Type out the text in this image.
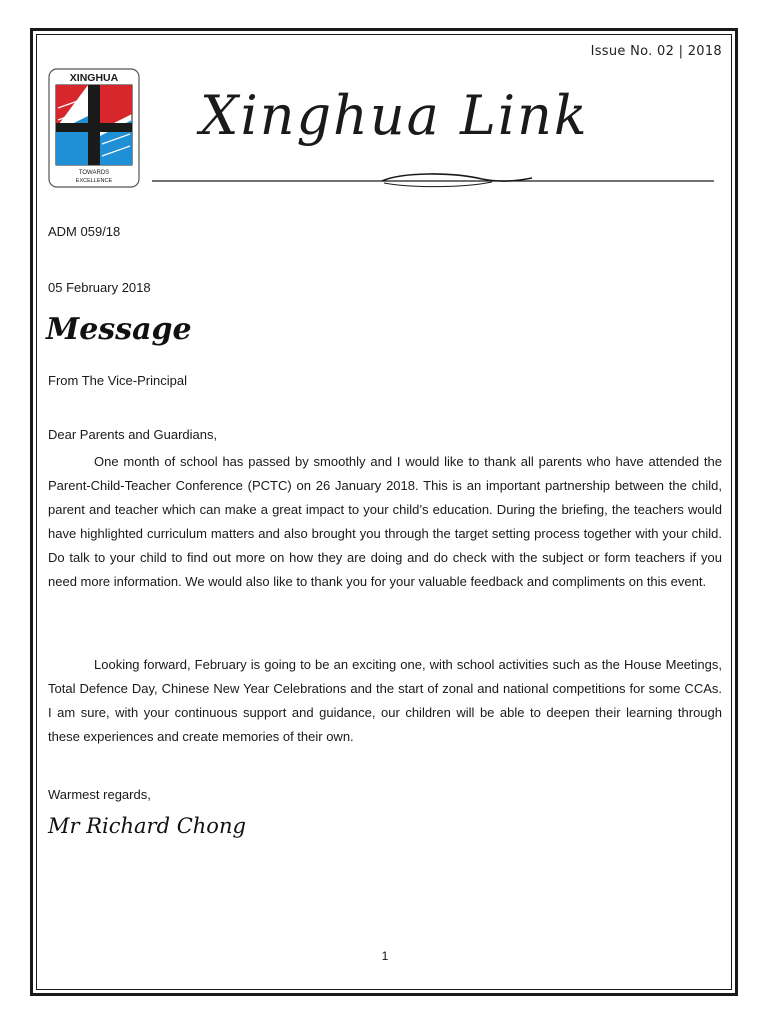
Issue No. 02 | 2018
XINGHUA
TOWARDS
EXCELLENCE
Xinghua Link
ADM 059/18
05 February 2018
Message
From The Vice-Principal
Dear Parents and Guardians,
One month of school has passed by smoothly and I would like to thank all parents who have attended the Parent-Child-Teacher Conference (PCTC) on 26 January 2018. This is an important partnership between the child, parent and teacher which can make a great impact to your child’s education. During the briefing, the teachers would have highlighted curriculum matters and also brought you through the target setting process together with your child. Do talk to your child to find out more on how they are doing and do check with the subject or form teachers if you need more information. We would also like to thank you for your valuable feedback and compliments on this event.
Looking forward, February is going to be an exciting one, with school activities such as the House Meetings, Total Defence Day, Chinese New Year Celebrations and the start of zonal and national competitions for some CCAs. I am sure, with your continuous support and guidance, our children will be able to deepen their learning through these experiences and create memories of their own.
Warmest regards,
Mr Richard Chong
1
